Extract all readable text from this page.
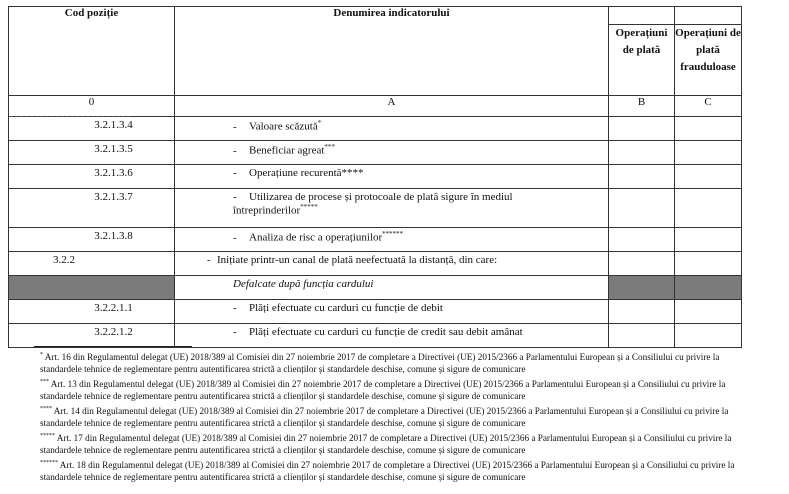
Cod poziție	Denumirea indicatorului		
		Operațiuni de plată	Operațiuni de plată frauduloase
0	A	B	C
3.2.1.3.4	- Valoare scăzută*		
3.2.1.3.5	- Beneficiar agreat***		
3.2.1.3.6	- Operațiune recurentă****		
3.2.1.3.7	- Utilizarea de procese și protocoale de plată sigure în mediul întreprinderilor*****		
3.2.1.3.8	- Analiza de risc a operațiunilor******		
3.2.2	- Inițiate printr-un canal de plată neefectuată la distanță, din care:		
	Defalcate după funcția cardului		
3.2.2.1.1	- Plăți efectuate cu carduri cu funcție de debit		
3.2.2.1.2	- Plăți efectuate cu carduri cu funcție de credit sau debit amânat		
* Art. 16 din Regulamentul delegat (UE) 2018/389 al Comisiei din 27 noiembrie 2017 de completare a Directivei (UE) 2015/2366 a Parlamentului European și a Consiliului cu privire la standardele tehnice de reglementare pentru autentificarea strictă a clienților și standardele deschise, comune și sigure de comunicare
*** Art. 13 din Regulamentul delegat (UE) 2018/389 al Comisiei din 27 noiembrie 2017 de completare a Directivei (UE) 2015/2366 a Parlamentului European și a Consiliului cu privire la standardele tehnice de reglementare pentru autentificarea strictă a clienților și standardele deschise, comune și sigure de comunicare
**** Art. 14 din Regulamentul delegat (UE) 2018/389 al Comisiei din 27 noiembrie 2017 de completare a Directivei (UE) 2015/2366 a Parlamentului European și a Consiliului cu privire la standardele tehnice de reglementare pentru autentificarea strictă a clienților și standardele deschise, comune și sigure de comunicare
***** Art. 17 din Regulamentul delegat (UE) 2018/389 al Comisiei din 27 noiembrie 2017 de completare a Directivei (UE) 2015/2366 a Parlamentului European și a Consiliului cu privire la standardele tehnice de reglementare pentru autentificarea strictă a clienților și standardele deschise, comune și sigure de comunicare
****** Art. 18 din Regulamentul delegat (UE) 2018/389 al Comisiei din 27 noiembrie 2017 de completare a Directivei (UE) 2015/2366 a Parlamentului European și a Consiliului cu privire la standardele tehnice de reglementare pentru autentificarea strictă a clienților și standardele deschise, comune și sigure de comunicare
